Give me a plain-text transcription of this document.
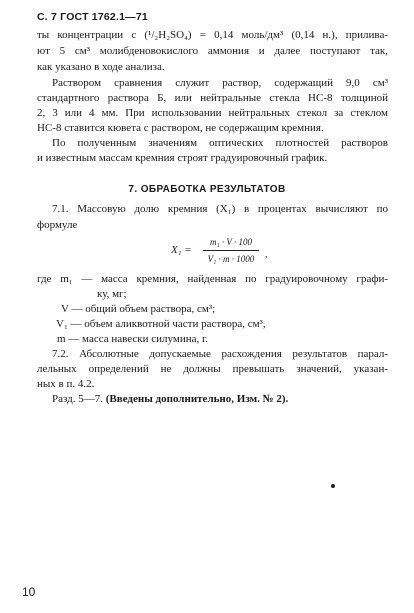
С. 7 ГОСТ 1762.1—71
ты концентрации с (¹/₂H₂SO₄) = 0,14 моль/дм³ (0,14 н.), прилива-
ют 5 см³ молибденовокислого аммония и далее поступают так,
как указано в ходе анализа.
Раствором сравнения служит раствор, содержащий 9,0 см³
стандартного раствора Б, или нейтральные стекла НС-8 толщиной
2, 3 или 4 мм. При использовании нейтральных стекол за стеклом
НС-8 ставится кювета с раствором, не содержащим кремния.
По полученным значениям оптических плотностей растворов
и известным массам кремния строят градуировочный график.
7. ОБРАБОТКА РЕЗУЛЬТАТОВ
7.1. Массовую долю кремния (X₁) в процентах вычисляют по
формуле
X₁ =
m₁ · V · 100
V₁ · m · 1000	,
где m₁ — масса кремния, найденная по градуировочному графи-
ку, мг;
V — общий объем раствора, см³;
V₁ — объем аликвотной части раствора, см³,
m — масса навески силумина, г.
7.2. Абсолютные допускаемые расхождения результатов парал-
лельных определений не должны превышать значений, указан-
ных в п. 4.2.
Разд. 5—7. (Введены дополнительно, Изм. № 2).
10
